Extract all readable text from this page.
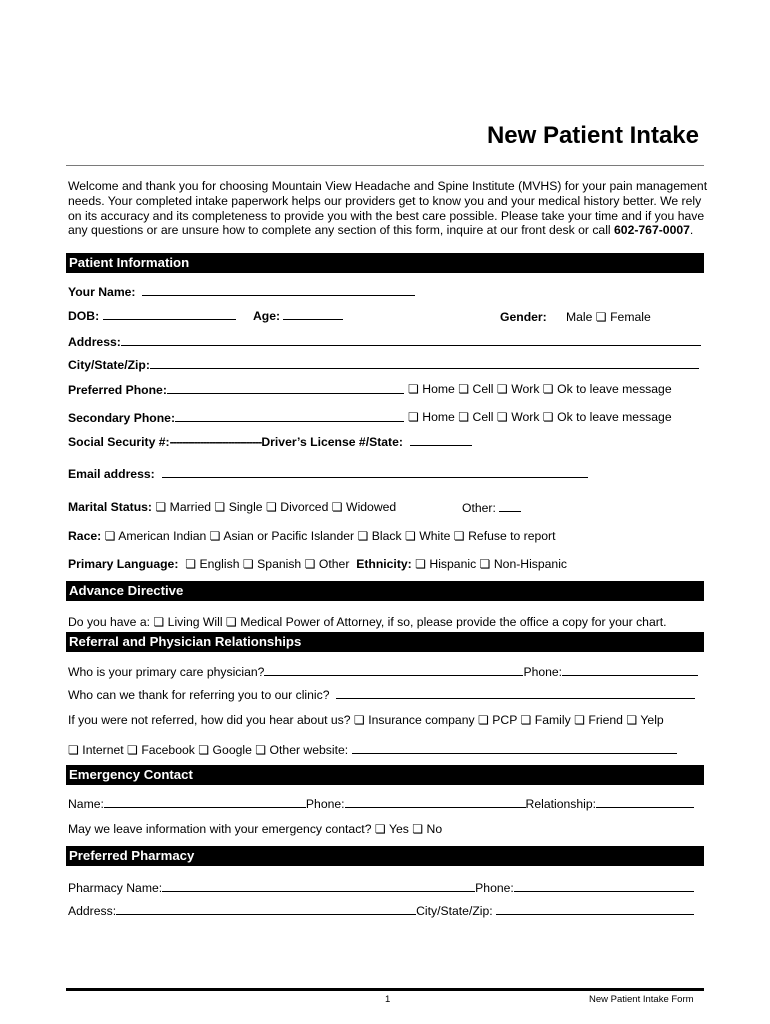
New Patient Intake
Welcome and thank you for choosing Mountain View Headache and Spine Institute (MVHS) for your pain management needs. Your completed intake paperwork helps our providers get to know you and your medical history better. We rely on its accuracy and its completeness to provide you with the best care possible. Please take your time and if you have any questions or are unsure how to complete any section of this form, inquire at our front desk or call 602-767-0007.
Patient Information
Your Name:
DOB:	Age:	Gender: Male ❏ Female
Address:
City/State/Zip:
Preferred Phone:	❏ Home ❏ Cell ❏ Work ❏ Ok to leave message
Secondary Phone:	❏ Home ❏ Cell ❏ Work ❏ Ok to leave message
Social Security #:------------------------------Driver’s License #/State:
Email address:
Marital Status: ❏ Married ❏ Single ❏ Divorced ❏ Widowed	Other:
Race: ❏ American Indian ❏ Asian or Pacific Islander ❏ Black ❏ White ❏ Refuse to report
Primary Language: ❏ English ❏ Spanish ❏ Other Ethnicity: ❏ Hispanic ❏ Non-Hispanic
Advance Directive
Do you have a: ❏ Living Will ❏ Medical Power of Attorney, if so, please provide the office a copy for your chart.
Referral and Physician Relationships
Who is your primary care physician?	Phone:
Who can we thank for referring you to our clinic?
If you were not referred, how did you hear about us? ❏ Insurance company ❏ PCP ❏ Family ❏ Friend ❏ Yelp
❏ Internet ❏ Facebook ❏ Google ❏ Other website:
Emergency Contact
Name:	Phone:	Relationship:
May we leave information with your emergency contact? ❏ Yes ❏ No
Preferred Pharmacy
Pharmacy Name:	Phone:
Address:	City/State/Zip:
1	New Patient Intake Form
